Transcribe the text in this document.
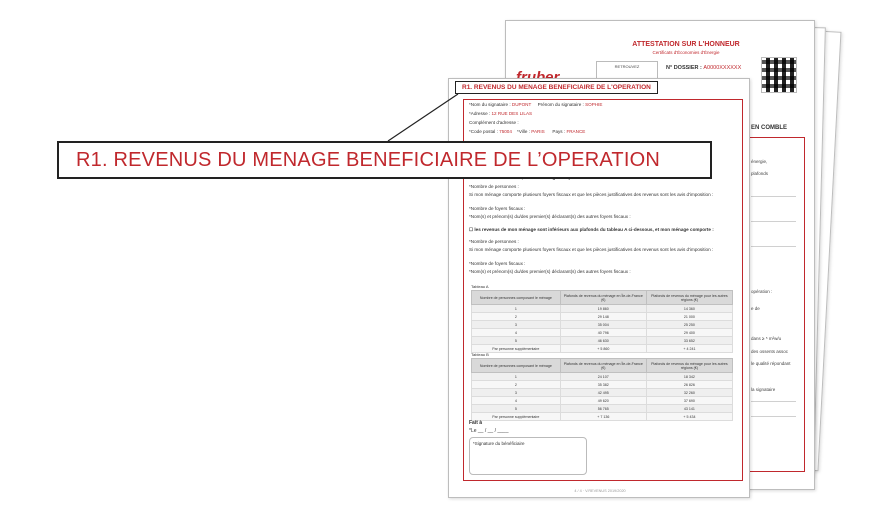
ATTESTATION SUR L'HONNEUR
Certificats d'Économies d'Énergie
RETROUVEZ	N° DOSSIER : A0000XXXXXX
EN COMBLE
énergie,
plafonds
opération :
e de
dans ≥ ⁵ m²w/u
des ossents assoc
le qualité répondant
la signataire
R1. REVENUS DU MENAGE BENEFICIAIRE DE L'OPERATION
*Nom du signataire : DUPONT Prénom du signataire : SOPHIE
*Adresse : 12 RUE DES LILAS
Complément d'adresse :
*Code postal : 75004 *Ville : PARIS Pays : FRANCE
*Nombre de personnes :
Si mon ménage comporte plusieurs foyers fiscaux et que les pièces justificatives des revenus sont les avis d'imposition :
*Nombre de foyers fiscaux :
*Nom(s) et prénom(s) du/des premier(s) déclarant(s) des autres foyers fiscaux :
☐ les revenus de mon ménage sont inférieurs aux plafonds du tableau A ci-dessous, et mon ménage comporte :
*Nombre de personnes :
Si mon ménage comporte plusieurs foyers fiscaux et que les pièces justificatives des revenus sont les avis d'imposition :
*Nombre de foyers fiscaux :
*Nom(s) et prénom(s) du/des premier(s) déclarant(s) des autres foyers fiscaux :
Tableau A
Nombre de personnes composant le ménage	Plafonds de revenus du ménage en Île-de-France (€)	Plafonds de revenus du ménage pour les autres régions (€)
1	19 860	14 360
2	29 148	21 000
3	35 004	25 250
4	40 796	29 400
5	46 630	33 652
Par personne supplémentaire	+ 5 860	+ 4 241
Tableau B
Nombre de personnes composant le ménage	Plafonds de revenus du ménage en Île-de-France (€)	Plafonds de revenus du ménage pour les autres régions (€)
1	24 107	18 342
2	35 382	26 826
3	42 495	32 260
4	49 620	37 690
5	56 765	43 141
Par personne supplémentaire	+ 7 136	+ 5 434
Fait à
*Le __ / __ / ____
*Signature du bénéficiaire
4 / 4 · V.REVENUS 2019/2020
R1. REVENUS DU MENAGE BENEFICIAIRE DE L’OPERATION
